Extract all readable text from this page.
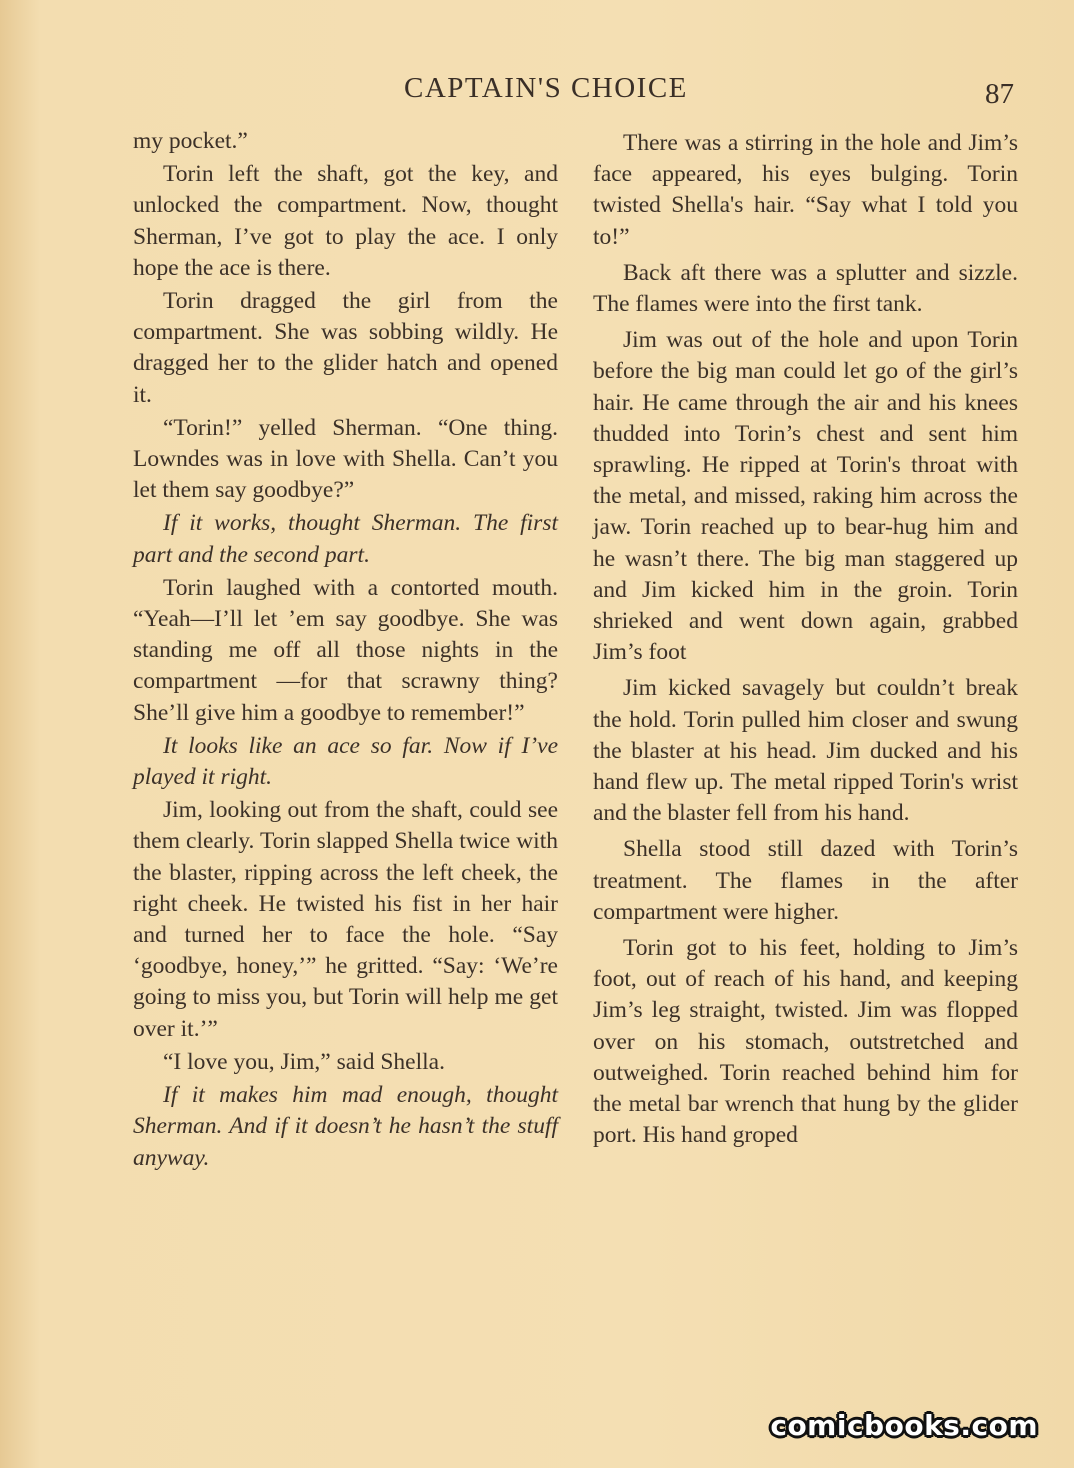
CAPTAIN'S CHOICE	87

my pocket.”

Torin left the shaft, got the key, and unlocked the compartment. Now, thought Sherman, I’ve got to play the ace. I only hope the ace is there.

Torin dragged the girl from the compartment. She was sobbing wildly. He dragged her to the glider hatch and opened it.

“Torin!” yelled Sherman. “One thing. Lowndes was in love with Shella. Can’t you let them say goodbye?”

If it works, thought Sherman. The first part and the second part.

Torin laughed with a contorted mouth. “Yeah—I’ll let ’em say goodbye. She was standing me off all those nights in the compartment —for that scrawny thing? She’ll give him a goodbye to remember!”

It looks like an ace so far. Now if I’ve played it right.

Jim, looking out from the shaft, could see them clearly. Torin slapped Shella twice with the blaster, ripping across the left cheek, the right cheek. He twisted his fist in her hair and turned her to face the hole. “Say ‘goodbye, honey,’” he gritted. “Say: ‘We’re going to miss you, but Torin will help me get over it.’”

“I love you, Jim,” said Shella.

If it makes him mad enough, thought Sherman. And if it doesn’t he hasn’t the stuff anyway.

There was a stirring in the hole and Jim’s face appeared, his eyes bulging. Torin twisted Shella's hair. “Say what I told you to!”

Back aft there was a splutter and sizzle. The flames were into the first tank.

Jim was out of the hole and upon Torin before the big man could let go of the girl’s hair. He came through the air and his knees thudded into Torin’s chest and sent him sprawling. He ripped at Torin's throat with the metal, and missed, raking him across the jaw. Torin reached up to bear-hug him and he wasn’t there. The big man staggered up and Jim kicked him in the groin. Torin shrieked and went down again, grabbed Jim’s foot

Jim kicked savagely but couldn’t break the hold. Torin pulled him closer and swung the blaster at his head. Jim ducked and his hand flew up. The metal ripped Torin's wrist and the blaster fell from his hand.

Shella stood still dazed with Torin’s treatment. The flames in the after compartment were higher.

Torin got to his feet, holding to Jim’s foot, out of reach of his hand, and keeping Jim’s leg straight, twisted. Jim was flopped over on his stomach, outstretched and outweighed. Torin reached behind him for the metal bar wrench that hung by the glider port. His hand groped

comicbooks.com
